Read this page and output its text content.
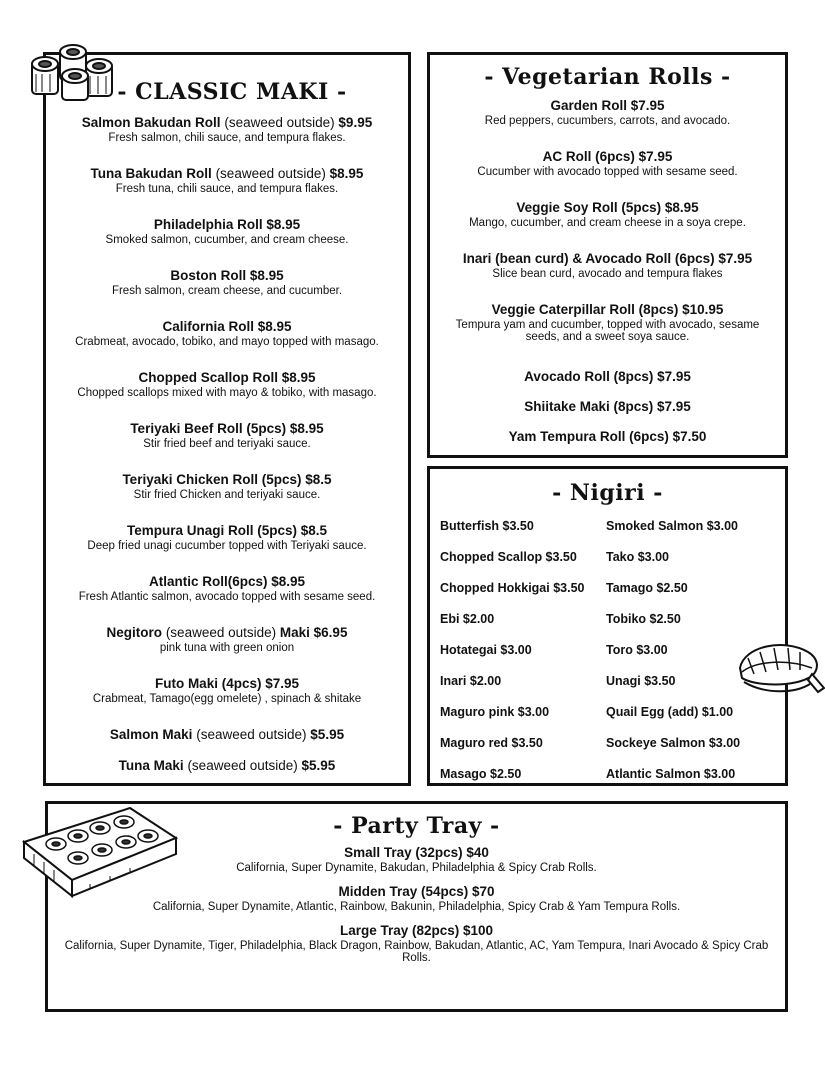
- CLASSIC MAKI -
Salmon Bakudan Roll (seaweed outside) $9.95
Fresh salmon, chili sauce, and tempura flakes.
Tuna Bakudan Roll (seaweed outside) $8.95
Fresh tuna, chili sauce, and tempura flakes.
Philadelphia Roll $8.95
Smoked salmon, cucumber, and cream cheese.
Boston Roll $8.95
Fresh salmon, cream cheese, and cucumber.
California Roll $8.95
Crabmeat, avocado, tobiko, and mayo topped with masago.
Chopped Scallop Roll $8.95
Chopped scallops mixed with mayo & tobiko, with masago.
Teriyaki Beef Roll (5pcs) $8.95
Stir fried beef and teriyaki sauce.
Teriyaki Chicken Roll (5pcs) $8.5
Stir fried Chicken and teriyaki sauce.
Tempura Unagi Roll (5pcs) $8.5
Deep fried unagi cucumber topped with Teriyaki sauce.
Atlantic Roll(6pcs) $8.95
Fresh Atlantic salmon, avocado topped with sesame seed.
Negitoro (seaweed outside) Maki $6.95
pink tuna with green onion
Futo Maki (4pcs) $7.95
Crabmeat, Tamago(egg omelete) , spinach & shitake
Salmon Maki (seaweed outside) $5.95
Tuna Maki (seaweed outside) $5.95
- Vegetarian Rolls -
Garden Roll $7.95
Red peppers, cucumbers, carrots, and avocado.
AC Roll (6pcs) $7.95
Cucumber with avocado topped with sesame seed.
Veggie Soy Roll (5pcs) $8.95
Mango, cucumber, and cream cheese in a soya crepe.
Inari (bean curd) & Avocado Roll (6pcs) $7.95
Slice bean curd, avocado and tempura flakes
Veggie Caterpillar Roll (8pcs) $10.95
Tempura yam and cucumber, topped with avocado, sesame seeds, and a sweet soya sauce.
Avocado Roll (8pcs) $7.95
Shiitake Maki (8pcs) $7.95
Yam Tempura Roll (6pcs) $7.50
- Nigiri -
Butterfish $3.50
Chopped Scallop $3.50
Chopped Hokkigai $3.50
Ebi $2.00
Hotategai $3.00
Inari $2.00
Maguro pink $3.00
Maguro red $3.50
Masago $2.50
Smoked Salmon $3.00
Tako $3.00
Tamago $2.50
Tobiko $2.50
Toro $3.00
Unagi $3.50
Quail Egg (add) $1.00
Sockeye Salmon $3.00
Atlantic Salmon $3.00
- Party Tray -
Small Tray (32pcs) $40
California, Super Dynamite, Bakudan, Philadelphia & Spicy Crab Rolls.
Midden Tray (54pcs) $70
California, Super Dynamite, Atlantic, Rainbow, Bakunin, Philadelphia, Spicy Crab & Yam Tempura Rolls.
Large Tray (82pcs) $100
California, Super Dynamite, Tiger, Philadelphia, Black Dragon, Rainbow, Bakudan, Atlantic, AC, Yam Tempura, Inari Avocado & Spicy Crab Rolls.
